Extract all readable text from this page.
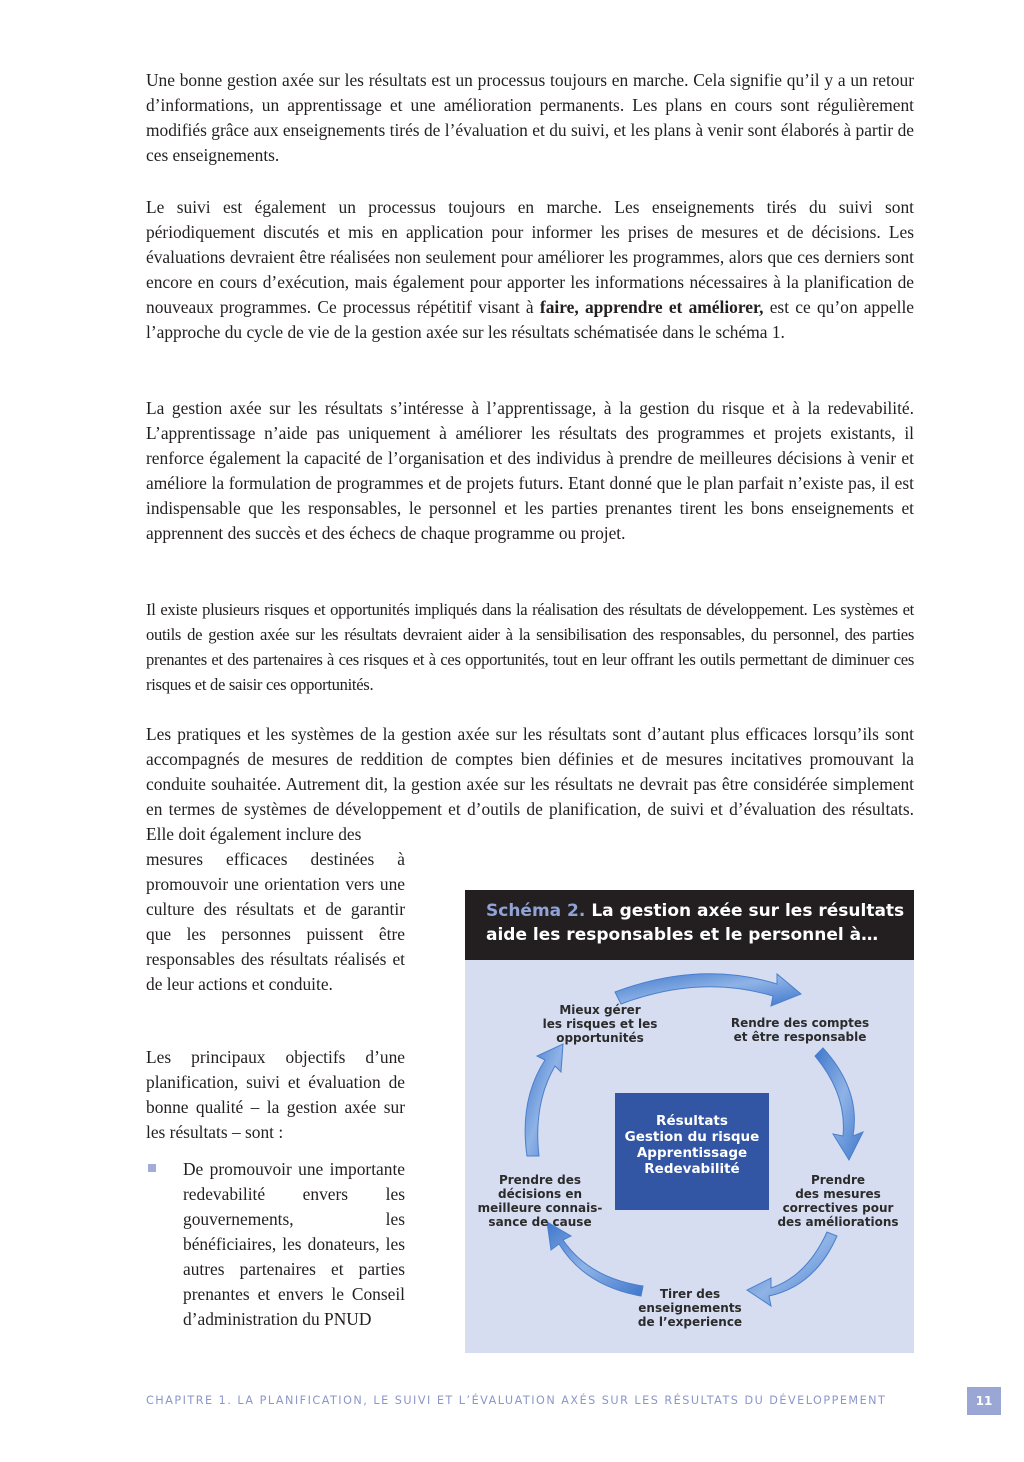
Une bonne gestion axée sur les résultats est un processus toujours en marche. Cela signifie qu’il y a un retour d’informations, un apprentissage et une amélioration permanents. Les plans en cours sont régulièrement modifiés grâce aux enseignements tirés de l’évaluation et du suivi, et les plans à venir sont élaborés à partir de ces enseignements.

Le suivi est également un processus toujours en marche. Les enseignements tirés du suivi sont périodiquement discutés et mis en application pour informer les prises de mesures et de décisions. Les évaluations devraient être réalisées non seulement pour améliorer les programmes, alors que ces derniers sont encore en cours d’exécution, mais également pour apporter les informations nécessaires à la planification de nouveaux programmes. Ce processus répétitif visant à faire, apprendre et améliorer, est ce qu’on appelle l’approche du cycle de vie de la gestion axée sur les résultats schématisée dans le schéma 1.

La gestion axée sur les résultats s’intéresse à l’apprentissage, à la gestion du risque et à la redevabilité. L’apprentissage n’aide pas uniquement à améliorer les résultats des programmes et projets existants, il renforce également la capacité de l’organisation et des individus à prendre de meilleures décisions à venir et améliore la formulation de programmes et de projets futurs. Etant donné que le plan parfait n’existe pas, il est indispensable que les responsables, le personnel et les parties prenantes tirent les bons enseignements et apprennent des succès et des échecs de chaque programme ou projet.

Il existe plusieurs risques et opportunités impliqués dans la réalisation des résultats de développement. Les systèmes et outils de gestion axée sur les résultats devraient aider à la sensibilisation des responsables, du personnel, des parties prenantes et des partenaires à ces risques et à ces opportunités, tout en leur offrant les outils permettant de diminuer ces risques et de saisir ces opportunités.

Les pratiques et les systèmes de la gestion axée sur les résultats sont d’autant plus efficaces lorsqu’ils sont accompagnés de mesures de reddition de comptes bien définies et de mesures incitatives promouvant la conduite souhaitée. Autrement dit, la gestion axée sur les résultats ne devrait pas être considérée simplement en termes de systèmes de développement et d’outils de planification, de suivi et d’évaluation des résultats. Elle doit également inclure des

mesures efficaces destinées à promouvoir une orientation vers une culture des résultats et de garantir que les personnes puissent être responsables des résultats réalisés et de leur actions et conduite.

Les principaux objectifs d’une planification, suivi et évaluation de bonne qualité – la gestion axée sur les résultats – sont :

De promouvoir une importante redevabilité envers les gouvernements, les bénéficiaires, les donateurs, les autres partenaires et parties prenantes et envers le Conseil d’administration du PNUD

Schéma 2. La gestion axée sur les résultats aide les responsables et le personnel à…
Mieux gérer
les risques et les
opportunités
Rendre des comptes
et être responsable
Prendre
des mesures
correctives pour
des améliorations
Tirer des
enseignements
de l’experience
Prendre des
décisions en
meilleure connais-
sance de cause
Résultats
Gestion du risque
Apprentissage
Redevabilité
CHAPITRE 1. LA PLANIFICATION, LE SUIVI ET L’ÉVALUATION AXÉS SUR LES RÉSULTATS DU DÉVELOPPEMENT	11
